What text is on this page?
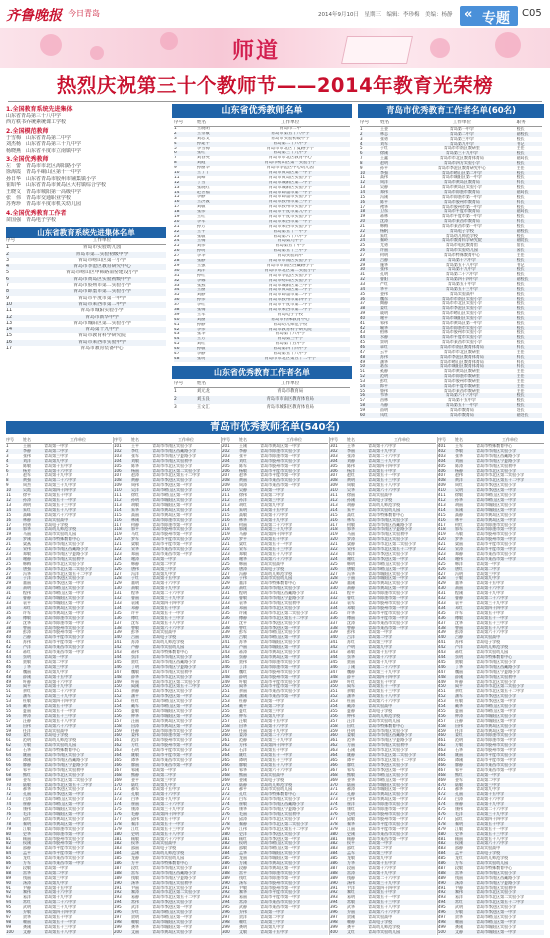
齐鲁晚报 今日青岛	2014年9月10日　星期三　编辑：李珍梅　美编：杨静 « 专题 C05
师道
热烈庆祝第三十个教师节——2014年教育光荣榜
1.全国教育系统先进集体
山东省青岛第三十八中学
西方秩书乔统素统课工学校
2.全国模范教师
于雪梅　山东省青岛第二中学
刘杰杨　山东省青岛第三十九中学
杨晓燕　山东省平度市立南镇中学
3.全国优秀教师
左　蕾　青岛市市北区海阳路小学
徐海霞　青岛平硐山区第十一中学
孙日华　山东省青岛市胶州市铺集镇小学
崔昭华　山东省青岛市黄岛区大村镇综合学校
王晓文　青岛市城阳第一高级中学
张　伟　青岛市交通职业学校
苏秀珍　青岛市平度市机关幼儿园
4.全国优秀教育工作者
苗国强　青岛电子学校
山东省教育系统先进集体名单
序号	工作单位
1	青岛市实验幼儿园
2	青岛市第二实验初级中学
3	青岛市崂山区第一小学
4	青岛市李沧区教育研究中心
5	青岛市崂山区中韩路南窑建设小学
6	青岛市黄岛区实验初级中学
7	青岛市胶州市第二实验小学
8	青岛市即墨市第二实验小学
9	青岛市平度市第一中学
10	青岛市莱西市第二中学
11	青岛市城阳实验小学
12	青岛市新华中学
13	青岛市城阳区第二实验小学
14	青岛第十九中学
15	青岛市教育科学研究院
16	青岛市莱西市实验中学
17	青岛市教育装备中心
山东省优秀教师名单
序号	姓名	工作单位
1	王晓明	青岛市二中
2	王崇敏	青岛市第五十八中学
3	刘志文	青岛市实验初级中学
4	孙建平	青岛第二十六中学
5	李雪梅	青岛市市北区宁夏路小学
6	张红	青岛第三十九中学
7	刘春英	青岛市市北区教育中心
8	刘霞	青岛市崂山区第一实验小学
9	孙丽华	青岛市李沧区中心幼儿园
10	王宁宁	青岛市黄岛区第一中学
11	高峰	青岛市黄岛区实验小学
12	于雪	青岛市城阳区第二中学
13	张晓红	青岛市城阳区实验小学
14	赵世福	青岛市即墨市第一中学
15	李静	青岛市即墨市实验小学
16	王洪波	青岛市胶州市第三中学
17	刘敏	青岛市胶州市实验小学
18	张伟	青岛市平度市第九中学
19	王红	青岛市平度市实验小学
20	李军	青岛市莱西市第一中学
21	孙芳	青岛市莱西市实验小学
22	王平	青岛第五十一中学
23	张敏	青岛第六十六中学
24	王梅	青岛第九中学
25	刘伟	青岛第五十中学
26	孙明	青岛第五十三中学
27	李华	青岛实验高中
28	张静	青岛市市南区实验小学
29	王强	青岛市市南区西藏路小学
30	刘洋	青岛市市北区第二实验小学
31	孙红	青岛市李沧区实验小学
32	李娜	青岛市崂山区实验小学
33	张燕	青岛市城阳区第三中学
34	王丽	青岛市黄岛区第二中学
35	刘静	青岛市即墨市第二中学
36	孙伟	青岛市胶州市第四中学
37	李红	青岛市平度市第二中学
38	张梅	青岛市莱西市第二中学
39	王军	青岛电子学校
40	刘丽	青岛市特殊教育中心
41	孙静	青岛幼儿师范学校
42	李伟	青岛市教育科学研究院
43	张华	青岛第十六中学
44	王芳	青岛第三中学
45	刘红	青岛第十五中学
46	孙敏	青岛第四十四中学
47	李静	青岛第五十八中学
48	张明	青岛市市北区第五十二中学
山东省优秀教育工作者名单
序号	姓名	工作单位
1	刘元龙	青岛市教育局
2	刘玉良	青岛市市南区教育体育局
3	王文汇	青岛市城阳区教育体育局
青岛市优秀教育工作者名单(60名)
序号	姓名	工作单位	职务
1	王金	青岛第一中学	校长
2	林志	青岛第二中学	副校长
3	张勇	青岛第三中学	校长
4	刘军	青岛第九中学	书记
5	于红	青岛市市南区教研室	主任
6	徐刚	青岛第三十九中学	校长
7	王鑫	青岛市市北区教育体育局	副局长
8	赵明	青岛市四方实验小学	校长
9	孙平	青岛市李沧区教育研究中心	主任
10	李强	青岛市崂山区第二中学	校长
11	高伟	青岛市城阳区第一中学	校长
12	周洋	青岛市黄岛区教育局	科长
13	吴静	青岛市黄岛区实验小学	校长
14	郑伟	青岛市即墨市教育局	副局长
15	冯刚	青岛市即墨市第一中学	校长
16	陈平	青岛市胶州市教育局	科长
17	褚华	青岛市胶州市第一中学	校长
18	卫东	青岛市平度市教育局	副局长
19	蒋林	青岛市平度市第一中学	校长
20	沈涛	青岛市莱西市教育局	科长
21	韩梅	青岛市莱西市第一中学	校长
22	杨帆	青岛电子学校	副校长
23	朱红	青岛幼儿师范学校	校长
24	秦岭	青岛市教育科学研究院	副院长
25	尤勇	青岛市电化教育馆	馆长
26	许丽	青岛市实验幼儿园	园长
27	何明	青岛市特殊教育中心	主任
28	吕静	青岛第十六中学	校长
29	施华	青岛第五十八中学	书记
30	张伟	青岛第十九中学	校长
31	孔明	青岛第二十六中学	校长
32	曹阳	青岛第四十四中学	副校长
33	严红	青岛第五十中学	校长
34	华平	青岛第五十三中学	校长
35	金伟	青岛实验高中	校长
36	魏东	青岛市市南区实验小学	校长
37	陶静	青岛市市北区实验小学	校长
38	姜红	青岛市李沧区实验小学	校长
39	戚明	青岛市崂山区实验小学	校长
40	谢平	青岛市城阳区实验小学	校长
41	邹伟	青岛市黄岛区第一中学	校长
42	喻华	青岛市即墨市实验小学	校长
43	柏林	青岛市胶州市实验小学	校长
44	水静	青岛市平度市实验小学	校长
45	窦明	青岛市莱西市实验小学	校长
46	章红	青岛市市南区教育体育局	科长
47	云平	青岛市市北区教研室	主任
48	苏伟	青岛市李沧区教育体育局	科长
49	潘华	青岛市崂山区教育体育局	科长
50	葛东	青岛市城阳区教育体育局	科长
51	奚静	青岛市黄岛区教研室	主任
52	范明	青岛市即墨市教研室	主任
53	彭红	青岛市胶州市教研室	主任
54	郎平	青岛市平度市教研室	主任
55	鲁伟	青岛市莱西市教研室	主任
56	韦华	青岛第六十六中学	校长
57	昌林	青岛第十五中学	校长
58	马静	青岛第五十一中学	校长
59	苗明	青岛市教育局	处长
60	凤红	青岛市教育局	副处长
青岛市优秀教师名单(540名)
序号	姓名	工作单位
1	王丽	青岛第一中学
2	李静	青岛第二中学
3	张伟	青岛第三中学
4	刘洋	青岛第九中学
5	陈敏	青岛第十五中学
6	杨芳	青岛第十六中学
7	赵军	青岛第十九中学
8	黄强	青岛第二十六中学
9	周杰	青岛第三十九中学
10	吴霞	青岛第四十四中学
11	徐平	青岛第五十中学
12	孙涛	青岛第五十一中学
13	胡明	青岛第五十三中学
14	朱红	青岛第五十八中学
15	高峰	青岛第六十六中学
16	林静	青岛实验高中
17	何勇	青岛电子学校
18	郭华	青岛幼儿师范学校
19	马丽	青岛市实验幼儿园
20	罗刚	青岛市特殊教育中心
21	梁燕	青岛市市南区实验小学
22	宋伟	青岛市市南区西藏路小学
23	郑敏	青岛市市南区宁夏路小学
24	谢静	青岛市市南区实验初中
25	韩梅	青岛市市北区实验小学
26	唐强	青岛市市北区第二实验小学
27	冯华	青岛市市北区第五十二中学
28	于洋	青岛市李沧区实验小学
29	董丽	青岛市李沧区第一中学
30	萧明	青岛市崂山区实验小学
31	程伟	青岛市崂山区第一中学
32	曹静	青岛市城阳区实验小学
33	袁平	青岛市城阳区第一中学
34	邓红	青岛市黄岛区实验小学
35	许军	青岛市黄岛区第一中学
36	傅敏	青岛市即墨市实验小学
37	沈华	青岛市即墨市第一中学
38	曾丽	青岛市胶州市实验小学
39	彭涛	青岛市胶州市第一中学
40	吕静	青岛市平度市实验小学
41	苏伟	青岛市平度市第一中学
42	卢洋	青岛市莱西市实验小学
43	蒋红	青岛市莱西市第一中学
44	蔡明	青岛第一中学
45	贾敏	青岛第二中学
46	丁华	青岛第三中学
47	魏丽	青岛第九中学
48	薛刚	青岛第十五中学
49	叶静	青岛第十六中学
50	阎平	青岛第十九中学
51	余红	青岛第二十六中学
52	潘军	青岛第三十九中学
53	杜敏	青岛第四十四中学
54	戴华	青岛第五十中学
55	夏丽	青岛第五十一中学
56	钟涛	青岛第五十三中学
57	汪静	青岛第五十八中学
58	田伟	青岛第六十六中学
59	任洋	青岛实验高中
60	姜红	青岛电子学校
61	范明	青岛幼儿师范学校
62	方敏	青岛市实验幼儿园
63	石华	青岛市特殊教育中心
64	姚丽	青岛市市南区实验小学
65	谭刚	青岛市市南区西藏路小学
66	廖静	青岛市市南区宁夏路小学
67	邹平	青岛市市南区实验初中
68	熊红	青岛市市北区实验小学
69	金军	青岛市市北区第二实验小学
70	陆敏	青岛市市北区第五十二中学
71	郝华	青岛市李沧区实验小学
72	孔丽	青岛市李沧区第一中学
73	白涛	青岛市崂山区实验小学
74	崔静	青岛市崂山区第一中学
75	康伟	青岛市城阳区实验小学
76	毛洋	青岛市城阳区第一中学
77	邱红	青岛市黄岛区实验小学
78	秦明	青岛市黄岛区第一中学
79	江敏	青岛市即墨市实验小学
80	史华	青岛市即墨市第一中学
81	顾丽	青岛市胶州市实验小学
82	侯刚	青岛市胶州市第一中学
83	邵静	青岛市平度市实验小学
84	孟平	青岛市平度市第一中学
85	龙红	青岛市莱西市实验小学
86	万军	青岛市莱西市第一中学
87	段敏	青岛第一中学
88	雷华	青岛第二中学
89	钱丽	青岛第三中学
90	汤涛	青岛第九中学
91	尹静	青岛第十五中学
92	黎伟	青岛第十六中学
93	易洋	青岛第十九中学
94	常红	青岛第二十六中学
95	武明	青岛第三十九中学
96	乔敏	青岛第四十四中学
97	贺华	青岛第五十中学
98	赖丽	青岛第五十一中学
99	龚刚	青岛第五十三中学
100	文静	青岛第五十八中学
序号	姓名	工作单位
101	王平	青岛市市南区实验小学
102	李红	青岛市市南区西藏路小学
103	张军	青岛市市南区宁夏路小学
104	刘敏	青岛市市南区实验初中
105	陈华	青岛市市北区实验小学
106	杨丽	青岛市市北区第二实验小学
107	赵涛	青岛市市北区第五十二中学
108	黄静	青岛市李沧区实验小学
109	周伟	青岛市李沧区第一中学
110	吴洋	青岛市崂山区实验小学
111	徐红	青岛市崂山区第一中学
112	孙明	青岛市城阳区实验小学
113	胡敏	青岛市城阳区第一中学
114	朱华	青岛市黄岛区实验小学
115	高丽	青岛市黄岛区第一中学
116	林刚	青岛市即墨市实验小学
117	何静	青岛市即墨市第一中学
118	郭平	青岛市胶州市实验小学
119	马红	青岛市胶州市第一中学
120	罗军	青岛市平度市实验小学
121	梁敏	青岛市平度市第一中学
122	宋华	青岛市莱西市实验小学
123	郑丽	青岛市莱西市第一中学
124	谢涛	青岛第一中学
125	韩静	青岛第二中学
126	唐伟	青岛第三中学
127	冯洋	青岛第九中学
128	于红	青岛第十五中学
129	董明	青岛第十六中学
130	萧敏	青岛第十九中学
131	程华	青岛第二十六中学
132	曹丽	青岛第三十九中学
133	袁刚	青岛第四十四中学
134	邓静	青岛第五十中学
135	许平	青岛第五十一中学
136	傅红	青岛第五十三中学
137	沈军	青岛第五十八中学
138	曾敏	青岛第六十六中学
139	彭华	青岛实验高中
140	吕丽	青岛电子学校
141	苏涛	青岛幼儿师范学校
142	卢静	青岛市实验幼儿园
143	蒋伟	青岛市特殊教育中心
144	蔡洋	青岛市市南区实验小学
145	贾红	青岛市市南区西藏路小学
146	丁明	青岛市市南区宁夏路小学
147	魏敏	青岛市市南区实验初中
148	薛华	青岛市市北区实验小学
149	叶丽	青岛市市北区第二实验小学
150	阎刚	青岛市市北区第五十二中学
151	余静	青岛市李沧区实验小学
152	潘平	青岛市李沧区第一中学
153	杜红	青岛市崂山区实验小学
154	戴军	青岛市崂山区第一中学
155	夏敏	青岛市城阳区实验小学
156	钟华	青岛市城阳区第一中学
157	汪丽	青岛市黄岛区实验小学
158	田涛	青岛市黄岛区第一中学
159	任静	青岛市即墨市实验小学
160	姜伟	青岛市即墨市第一中学
161	范洋	青岛市胶州市实验小学
162	方红	青岛市胶州市第一中学
163	石明	青岛市平度市实验小学
164	姚敏	青岛市平度市第一中学
165	谭华	青岛市莱西市实验小学
166	廖丽	青岛市莱西市第一中学
167	邹刚	青岛第一中学
168	熊静	青岛第二中学
169	金平	青岛第三中学
170	陆红	青岛第九中学
171	郝军	青岛第十五中学
172	孔敏	青岛第十六中学
173	白华	青岛第十九中学
174	崔丽	青岛第二十六中学
175	康涛	青岛第三十九中学
176	毛静	青岛第四十四中学
177	邱伟	青岛第五十中学
178	秦洋	青岛第五十一中学
179	江红	青岛第五十三中学
180	史明	青岛第五十八中学
181	顾敏	青岛第六十六中学
182	侯华	青岛实验高中
183	邵丽	青岛电子学校
184	孟刚	青岛幼儿师范学校
185	龙静	青岛市实验幼儿园
186	万平	青岛市特殊教育中心
187	段红	青岛市市南区实验小学
188	雷军	青岛市市南区西藏路小学
189	钱敏	青岛市市南区宁夏路小学
190	汤华	青岛市市南区实验初中
191	尹丽	青岛市市北区实验小学
192	黎涛	青岛市市北区第二实验小学
193	易静	青岛市市北区第五十二中学
194	常伟	青岛市李沧区实验小学
195	武洋	青岛市李沧区第一中学
196	乔红	青岛市崂山区实验小学
197	贺明	青岛市崂山区第一中学
198	赖敏	青岛市城阳区实验小学
199	龚华	青岛市城阳区第一中学
200	文丽	青岛市黄岛区实验小学
序号	姓名	工作单位
201	王刚	青岛市黄岛区第一中学
202	李静	青岛市即墨市实验小学
203	张平	青岛市即墨市第一中学
204	刘红	青岛市胶州市实验小学
205	陈军	青岛市胶州市第一中学
206	杨敏	青岛市平度市实验小学
207	赵华	青岛市平度市第一中学
208	黄丽	青岛市莱西市实验小学
209	周涛	青岛市莱西市第一中学
210	吴静	青岛第一中学
211	徐伟	青岛第二中学
212	孙洋	青岛第三中学
213	胡红	青岛第九中学
214	朱明	青岛第十五中学
215	高敏	青岛第十六中学
216	林华	青岛第十九中学
217	何丽	青岛第二十六中学
218	郭刚	青岛第三十九中学
219	马静	青岛第四十四中学
220	罗平	青岛第五十中学
221	梁红	青岛第五十一中学
222	宋军	青岛第五十三中学
223	郑敏	青岛第五十八中学
224	谢华	青岛第六十六中学
225	韩丽	青岛实验高中
226	唐涛	青岛电子学校
227	冯静	青岛幼儿师范学校
228	于伟	青岛市实验幼儿园
229	董洋	青岛市特殊教育中心
230	萧红	青岛市市南区实验小学
231	程明	青岛市市南区西藏路小学
232	曹敏	青岛市市南区宁夏路小学
233	袁华	青岛市市南区实验初中
234	邓丽	青岛市市北区实验小学
235	许刚	青岛市市北区第二实验小学
236	傅静	青岛市市北区第五十二中学
237	沈平	青岛市李沧区实验小学
238	曾红	青岛市李沧区第一中学
239	彭军	青岛市崂山区实验小学
240	吕敏	青岛市崂山区第一中学
241	苏华	青岛市城阳区实验小学
242	卢丽	青岛市城阳区第一中学
243	蒋涛	青岛市黄岛区实验小学
244	蔡静	青岛市黄岛区第一中学
245	贾伟	青岛市即墨市实验小学
246	丁洋	青岛市即墨市第一中学
247	魏红	青岛市胶州市实验小学
248	薛明	青岛市胶州市第一中学
249	叶敏	青岛市平度市实验小学
250	阎华	青岛市平度市第一中学
251	余丽	青岛市莱西市实验小学
252	潘刚	青岛市莱西市第一中学
253	杜静	青岛第一中学
254	戴平	青岛第二中学
255	夏红	青岛第三中学
256	钟军	青岛第九中学
257	汪敏	青岛第十五中学
258	田华	青岛第十六中学
259	任丽	青岛第十九中学
260	姜涛	青岛第二十六中学
261	范静	青岛第三十九中学
262	方伟	青岛第四十四中学
263	石洋	青岛第五十中学
264	姚红	青岛第五十一中学
265	谭明	青岛第五十三中学
266	廖敏	青岛第五十八中学
267	邹华	青岛第六十六中学
268	熊丽	青岛实验高中
269	金刚	青岛电子学校
270	陆静	青岛幼儿师范学校
271	郝平	青岛市实验幼儿园
272	孔红	青岛市特殊教育中心
273	白军	青岛市市南区实验小学
274	崔敏	青岛市市南区西藏路小学
275	康华	青岛市市南区宁夏路小学
276	毛丽	青岛市市南区实验初中
277	邱涛	青岛市市北区实验小学
278	秦静	青岛市市北区第二实验小学
279	江伟	青岛市市北区第五十二中学
280	史洋	青岛市李沧区实验小学
281	顾红	青岛市李沧区第一中学
282	侯明	青岛市崂山区实验小学
283	邵敏	青岛市崂山区第一中学
284	孟华	青岛市城阳区实验小学
285	龙丽	青岛市城阳区第一中学
286	万刚	青岛市黄岛区实验小学
287	段静	青岛市黄岛区第一中学
288	雷平	青岛市即墨市实验小学
289	钱红	青岛市即墨市第一中学
290	汤军	青岛市胶州市实验小学
291	尹敏	青岛市胶州市第一中学
292	黎华	青岛市平度市实验小学
293	易丽	青岛市平度市第一中学
294	常涛	青岛市莱西市实验小学
295	武静	青岛市莱西市第一中学
296	乔伟	青岛第一中学
297	贺洋	青岛第二中学
298	赖红	青岛第三中学
299	龚明	青岛第九中学
300	文敏	青岛第十五中学
序号	姓名	工作单位
301	王华	青岛第十六中学
302	李丽	青岛第十九中学
303	张涛	青岛第二十六中学
304	刘静	青岛第三十九中学
305	陈伟	青岛第四十四中学
306	杨洋	青岛第五十中学
307	赵红	青岛第五十一中学
308	黄明	青岛第五十三中学
309	周敏	青岛第五十八中学
310	吴华	青岛第六十六中学
311	徐丽	青岛实验高中
312	孙刚	青岛电子学校
313	胡静	青岛幼儿师范学校
314	朱平	青岛市实验幼儿园
315	高红	青岛市特殊教育中心
316	林军	青岛市市南区实验小学
317	何敏	青岛市市南区西藏路小学
318	郭华	青岛市市南区宁夏路小学
319	马丽	青岛市市南区实验初中
320	罗涛	青岛市市北区实验小学
321	梁静	青岛市市北区第二实验小学
322	宋伟	青岛市市北区第五十二中学
323	郑洋	青岛市李沧区实验小学
324	谢红	青岛市李沧区第一中学
325	韩明	青岛市崂山区实验小学
326	唐敏	青岛市崂山区第一中学
327	冯华	青岛市城阳区实验小学
328	于丽	青岛市城阳区第一中学
329	董刚	青岛市黄岛区实验小学
330	萧静	青岛市黄岛区第一中学
331	程平	青岛市即墨市实验小学
332	曹红	青岛市即墨市第一中学
333	袁军	青岛市胶州市实验小学
334	邓敏	青岛市胶州市第一中学
335	许华	青岛市平度市实验小学
336	傅丽	青岛市平度市第一中学
337	沈涛	青岛市莱西市实验小学
338	曾静	青岛市莱西市第一中学
339	彭伟	青岛第一中学
340	吕洋	青岛第二中学
341	苏红	青岛第三中学
342	卢明	青岛第九中学
343	蒋敏	青岛第十五中学
344	蔡华	青岛第十六中学
345	贾丽	青岛第十九中学
346	丁刚	青岛第二十六中学
347	魏静	青岛第三十九中学
348	薛平	青岛第四十四中学
349	叶红	青岛第五十中学
350	阎军	青岛第五十一中学
351	余敏	青岛第五十三中学
352	潘华	青岛第五十八中学
353	杜丽	青岛第六十六中学
354	戴涛	青岛实验高中
355	夏静	青岛电子学校
356	钟伟	青岛幼儿师范学校
357	汪洋	青岛市实验幼儿园
358	田红	青岛市特殊教育中心
359	任明	青岛市市南区实验小学
360	姜敏	青岛市市南区西藏路小学
361	范华	青岛市市南区宁夏路小学
362	方丽	青岛市市南区实验初中
363	石刚	青岛市市北区实验小学
364	姚静	青岛市市北区第二实验小学
365	谭平	青岛市市北区第五十二中学
366	廖红	青岛市李沧区实验小学
367	邹军	青岛市李沧区第一中学
368	熊敏	青岛市崂山区实验小学
369	金华	青岛市崂山区第一中学
370	陆丽	青岛市城阳区实验小学
371	郝涛	青岛市城阳区第一中学
372	孔静	青岛市黄岛区实验小学
373	白伟	青岛市黄岛区第一中学
374	崔洋	青岛市即墨市实验小学
375	康红	青岛市即墨市第一中学
376	毛明	青岛市胶州市实验小学
377	邱敏	青岛市胶州市第一中学
378	秦华	青岛市平度市实验小学
379	江丽	青岛市平度市第一中学
380	史刚	青岛市莱西市实验小学
381	顾静	青岛市莱西市第一中学
382	侯平	青岛第一中学
383	邵红	青岛第二中学
384	孟军	青岛第三中学
385	龙敏	青岛第九中学
386	万华	青岛第十五中学
387	段丽	青岛第十六中学
388	雷涛	青岛第十九中学
389	钱静	青岛第二十六中学
390	汤伟	青岛第三十九中学
391	尹洋	青岛第四十四中学
392	黎红	青岛第五十中学
393	易明	青岛第五十一中学
394	常敏	青岛第五十三中学
395	武华	青岛第五十八中学
396	乔丽	青岛第六十六中学
397	贺刚	青岛实验高中
398	赖静	青岛电子学校
399	龚平	青岛幼儿师范学校
400	文红	青岛市实验幼儿园
序号	姓名	工作单位
401	王军	青岛市特殊教育中心
402	李敏	青岛市市南区实验小学
403	张华	青岛市市南区西藏路小学
404	刘丽	青岛市市南区宁夏路小学
405	陈涛	青岛市市南区实验初中
406	杨静	青岛市市北区实验小学
407	赵伟	青岛市市北区第二实验小学
408	黄洋	青岛市市北区第五十二中学
409	周红	青岛市李沧区实验小学
410	吴明	青岛市李沧区第一中学
411	徐敏	青岛市崂山区实验小学
412	孙华	青岛市崂山区第一中学
413	胡丽	青岛市城阳区实验小学
414	朱刚	青岛市城阳区第一中学
415	高静	青岛市黄岛区实验小学
416	林平	青岛市黄岛区第一中学
417	何红	青岛市即墨市实验小学
418	郭军	青岛市即墨市第一中学
419	马敏	青岛市胶州市实验小学
420	罗华	青岛市胶州市第一中学
421	梁丽	青岛市平度市实验小学
422	宋涛	青岛市平度市第一中学
423	郑静	青岛市莱西市实验小学
424	谢伟	青岛市莱西市第一中学
425	韩洋	青岛第一中学
426	唐红	青岛第二中学
427	冯明	青岛第三中学
428	于敏	青岛第九中学
429	董华	青岛第十五中学
430	萧丽	青岛第十六中学
431	程刚	青岛第十九中学
432	曹静	青岛第二十六中学
433	袁平	青岛第三十九中学
434	邓红	青岛第四十四中学
435	许军	青岛第五十中学
436	傅敏	青岛第五十一中学
437	沈华	青岛第五十三中学
438	曾丽	青岛第五十八中学
439	彭涛	青岛第六十六中学
440	吕静	青岛实验高中
441	苏伟	青岛电子学校
442	卢洋	青岛幼儿师范学校
443	蒋红	青岛市实验幼儿园
444	蔡明	青岛市特殊教育中心
445	贾敏	青岛市市南区实验小学
446	丁华	青岛市市南区西藏路小学
447	魏丽	青岛市市南区宁夏路小学
448	薛刚	青岛市市南区实验初中
449	叶静	青岛市市北区实验小学
450	阎平	青岛市市北区第二实验小学
451	余红	青岛市市北区第五十二中学
452	潘军	青岛市李沧区实验小学
453	杜敏	青岛市李沧区第一中学
454	戴华	青岛市崂山区实验小学
455	夏丽	青岛市崂山区第一中学
456	钟涛	青岛市城阳区实验小学
457	汪静	青岛市城阳区第一中学
458	田伟	青岛市黄岛区实验小学
459	任洋	青岛市黄岛区第一中学
460	姜红	青岛市即墨市实验小学
461	范明	青岛市即墨市第一中学
462	方敏	青岛市胶州市实验小学
463	石华	青岛市胶州市第一中学
464	姚丽	青岛市平度市实验小学
465	谭刚	青岛市平度市第一中学
466	廖静	青岛市莱西市实验小学
467	邹平	青岛市莱西市第一中学
468	熊红	青岛第一中学
469	金军	青岛第二中学
470	陆敏	青岛第三中学
471	郝华	青岛第九中学
472	孔丽	青岛第十五中学
473	白涛	青岛第十六中学
474	崔静	青岛第十九中学
475	康伟	青岛第二十六中学
476	毛洋	青岛第三十九中学
477	邱红	青岛第四十四中学
478	秦明	青岛第五十中学
479	江敏	青岛第五十一中学
480	史华	青岛第五十三中学
481	顾丽	青岛第五十八中学
482	侯刚	青岛第六十六中学
483	邵静	青岛实验高中
484	孟平	青岛电子学校
485	龙红	青岛幼儿师范学校
486	万军	青岛市实验幼儿园
487	段敏	青岛市特殊教育中心
488	雷华	青岛市市南区实验小学
489	钱丽	青岛市市南区西藏路小学
490	汤涛	青岛市市南区宁夏路小学
491	尹静	青岛市市南区实验初中
492	黎伟	青岛市市北区实验小学
493	易洋	青岛市市北区第二实验小学
494	常红	青岛市市北区第五十二中学
495	武明	青岛市李沧区实验小学
496	乔敏	青岛市李沧区第一中学
497	贺华	青岛市崂山区实验小学
498	赖丽	青岛市崂山区第一中学
499	龚刚	青岛市城阳区实验小学
500	文静	青岛市城阳区第一中学
